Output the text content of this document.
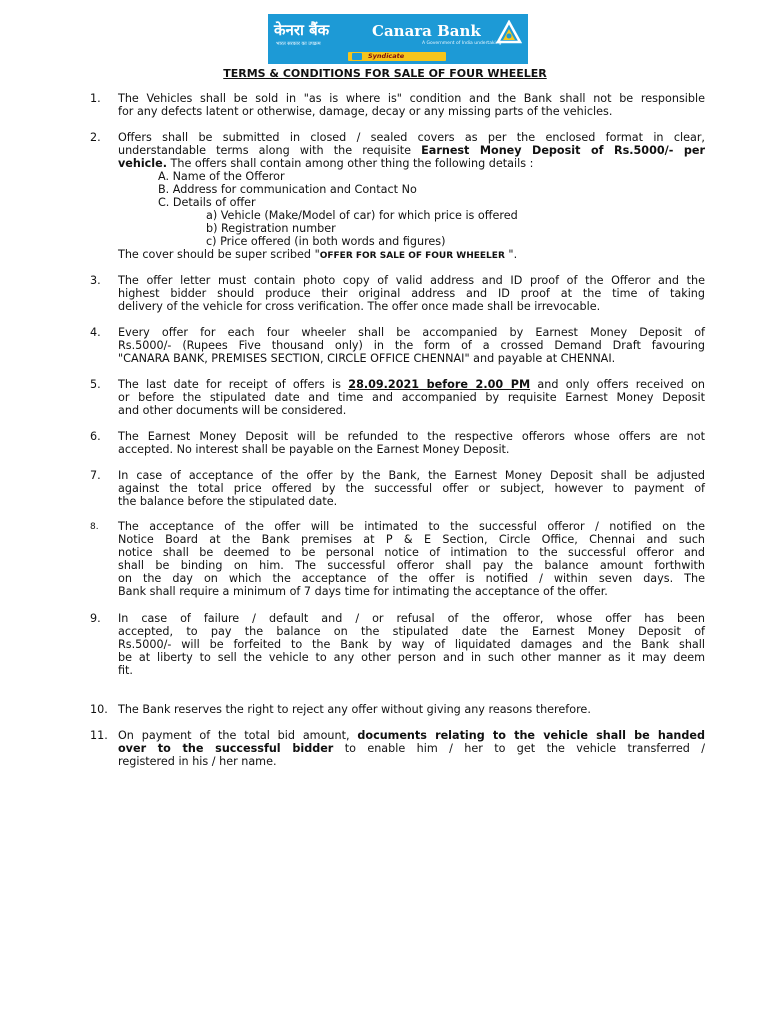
केनरा बैंक
भारत सरकार का उपक्रम
Canara Bank
A Government of India undertaking
Syndicate
TERMS & CONDITIONS FOR SALE OF FOUR WHEELER
1. The Vehicles shall be sold in "as is where is" condition and the Bank shall not be responsible
for any defects latent or otherwise, damage, decay or any missing parts of the vehicles.
2. Offers shall be submitted in closed / sealed covers as per the enclosed format in clear,
understandable terms along with the requisite Earnest Money Deposit of Rs.5000/- per
vehicle. The offers shall contain among other thing the following details :
A. Name of the Offeror
B. Address for communication and Contact No
C. Details of offer
a) Vehicle (Make/Model of car) for which price is offered
b) Registration number
c) Price offered (in both words and figures)
The cover should be super scribed "OFFER FOR SALE OF FOUR WHEELER ".
3. The offer letter must contain photo copy of valid address and ID proof of the Offeror and the
highest bidder should produce their original address and ID proof at the time of taking
delivery of the vehicle for cross verification. The offer once made shall be irrevocable.
4. Every offer for each four wheeler shall be accompanied by Earnest Money Deposit of
Rs.5000/- (Rupees Five thousand only) in the form of a crossed Demand Draft favouring
"CANARA BANK, PREMISES SECTION, CIRCLE OFFICE CHENNAI" and payable at CHENNAI.
5. The last date for receipt of offers is 28.09.2021 before 2.00 PM and only offers received on
or before the stipulated date and time and accompanied by requisite Earnest Money Deposit
and other documents will be considered.
6. The Earnest Money Deposit will be refunded to the respective offerors whose offers are not
accepted. No interest shall be payable on the Earnest Money Deposit.
7. In case of acceptance of the offer by the Bank, the Earnest Money Deposit shall be adjusted
against the total price offered by the successful offer or subject, however to payment of
the balance before the stipulated date.
8. The acceptance of the offer will be intimated to the successful offeror / notified on the
Notice Board at the Bank premises at P & E Section, Circle Office, Chennai and such
notice shall be deemed to be personal notice of intimation to the successful offeror and
shall be binding on him. The successful offeror shall pay the balance amount forthwith
on the day on which the acceptance of the offer is notified / within seven days. The
Bank shall require a minimum of 7 days time for intimating the acceptance of the offer.
9. In case of failure / default and / or refusal of the offeror, whose offer has been
accepted, to pay the balance on the stipulated date the Earnest Money Deposit of
Rs.5000/- will be forfeited to the Bank by way of liquidated damages and the Bank shall
be at liberty to sell the vehicle to any other person and in such other manner as it may deem
fit.
10. The Bank reserves the right to reject any offer without giving any reasons therefore.
11. On payment of the total bid amount, documents relating to the vehicle shall be handed
over to the successful bidder to enable him / her to get the vehicle transferred /
registered in his / her name.
